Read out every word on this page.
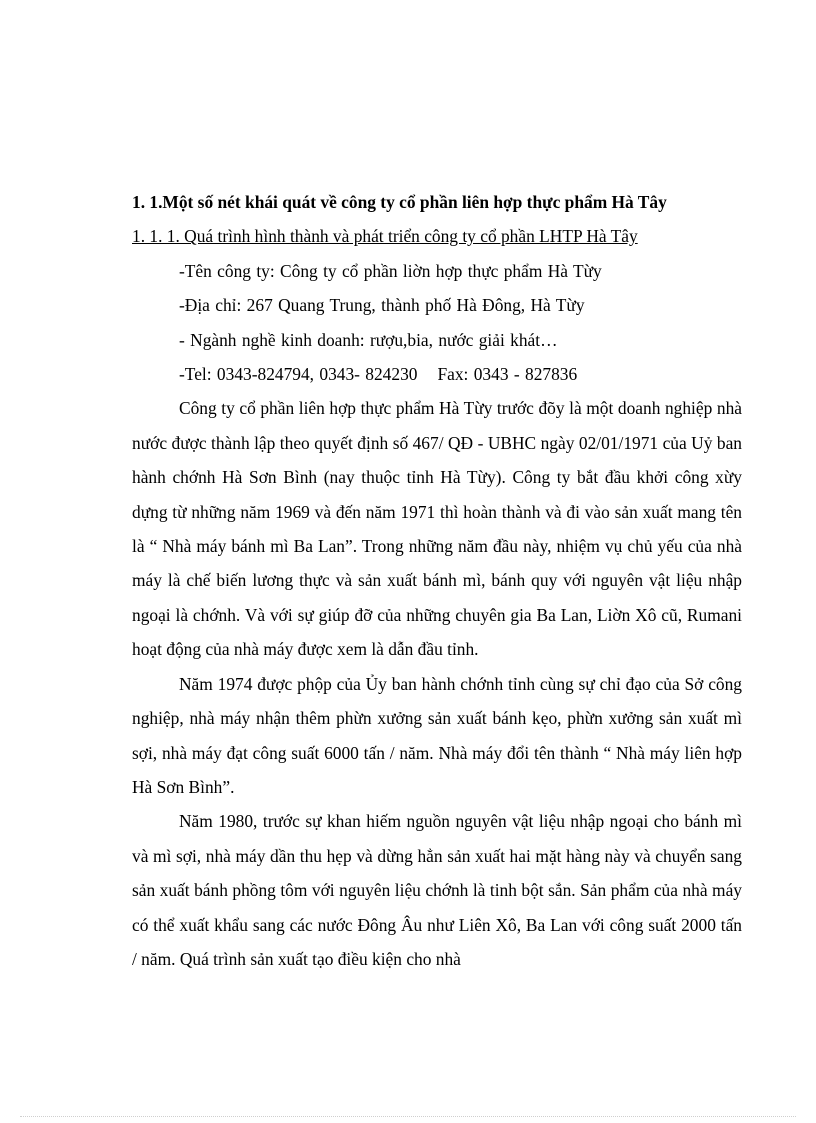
1. 1.Một số nét khái quát về công ty cổ phần liên hợp thực phẩm Hà Tây

1. 1. 1. Quá trình hình thành và phát triển công ty cổ phần LHTP Hà Tây

-Tên công ty: Công ty cổ phần liờn hợp thực phẩm Hà Từy

-Địa chỉ: 267 Quang Trung, thành phố Hà Đông, Hà Từy

- Ngành nghề kinh doanh: rượu,bia, nước giải khát…

-Tel: 0343-824794, 0343- 824230 Fax: 0343 - 827836

Công ty cổ phần liên hợp thực phẩm Hà Từy trước đõy là một doanh nghiệp nhà nước được thành lập theo quyết định số 467/ QĐ - UBHC ngày 02/01/1971 của Uỷ ban hành chớnh Hà Sơn Bình (nay thuộc tỉnh Hà Từy). Công ty bắt đầu khởi công xừy dựng từ những năm 1969 và đến năm 1971 thì hoàn thành và đi vào sản xuất mang tên là “ Nhà máy bánh mì Ba Lan”. Trong những năm đầu này, nhiệm vụ chủ yếu của nhà máy là chế biến lương thực và sản xuất bánh mì, bánh quy với nguyên vật liệu nhập ngoại là chớnh. Và với sự giúp đỡ của những chuyên gia Ba Lan, Liờn Xô cũ, Rumani hoạt động của nhà máy được xem là dẫn đầu tỉnh.

Năm 1974 được phộp của Ủy ban hành chớnh tỉnh cùng sự chỉ đạo của Sở công nghiệp, nhà máy nhận thêm phừn xưởng sản xuất bánh kẹo, phừn xưởng sản xuất mì sợi, nhà máy đạt công suất 6000 tấn / năm. Nhà máy đổi tên thành “ Nhà máy liên hợp Hà Sơn Bình”.

Năm 1980, trước sự khan hiếm nguồn nguyên vật liệu nhập ngoại cho bánh mì và mì sợi, nhà máy dần thu hẹp và dừng hẳn sản xuất hai mặt hàng này và chuyển sang sản xuất bánh phồng tôm với nguyên liệu chớnh là tinh bột sắn. Sản phẩm của nhà máy có thể xuất khẩu sang các nước Đông Âu như Liên Xô, Ba Lan với công suất 2000 tấn / năm. Quá trình sản xuất tạo điều kiện cho nhà
